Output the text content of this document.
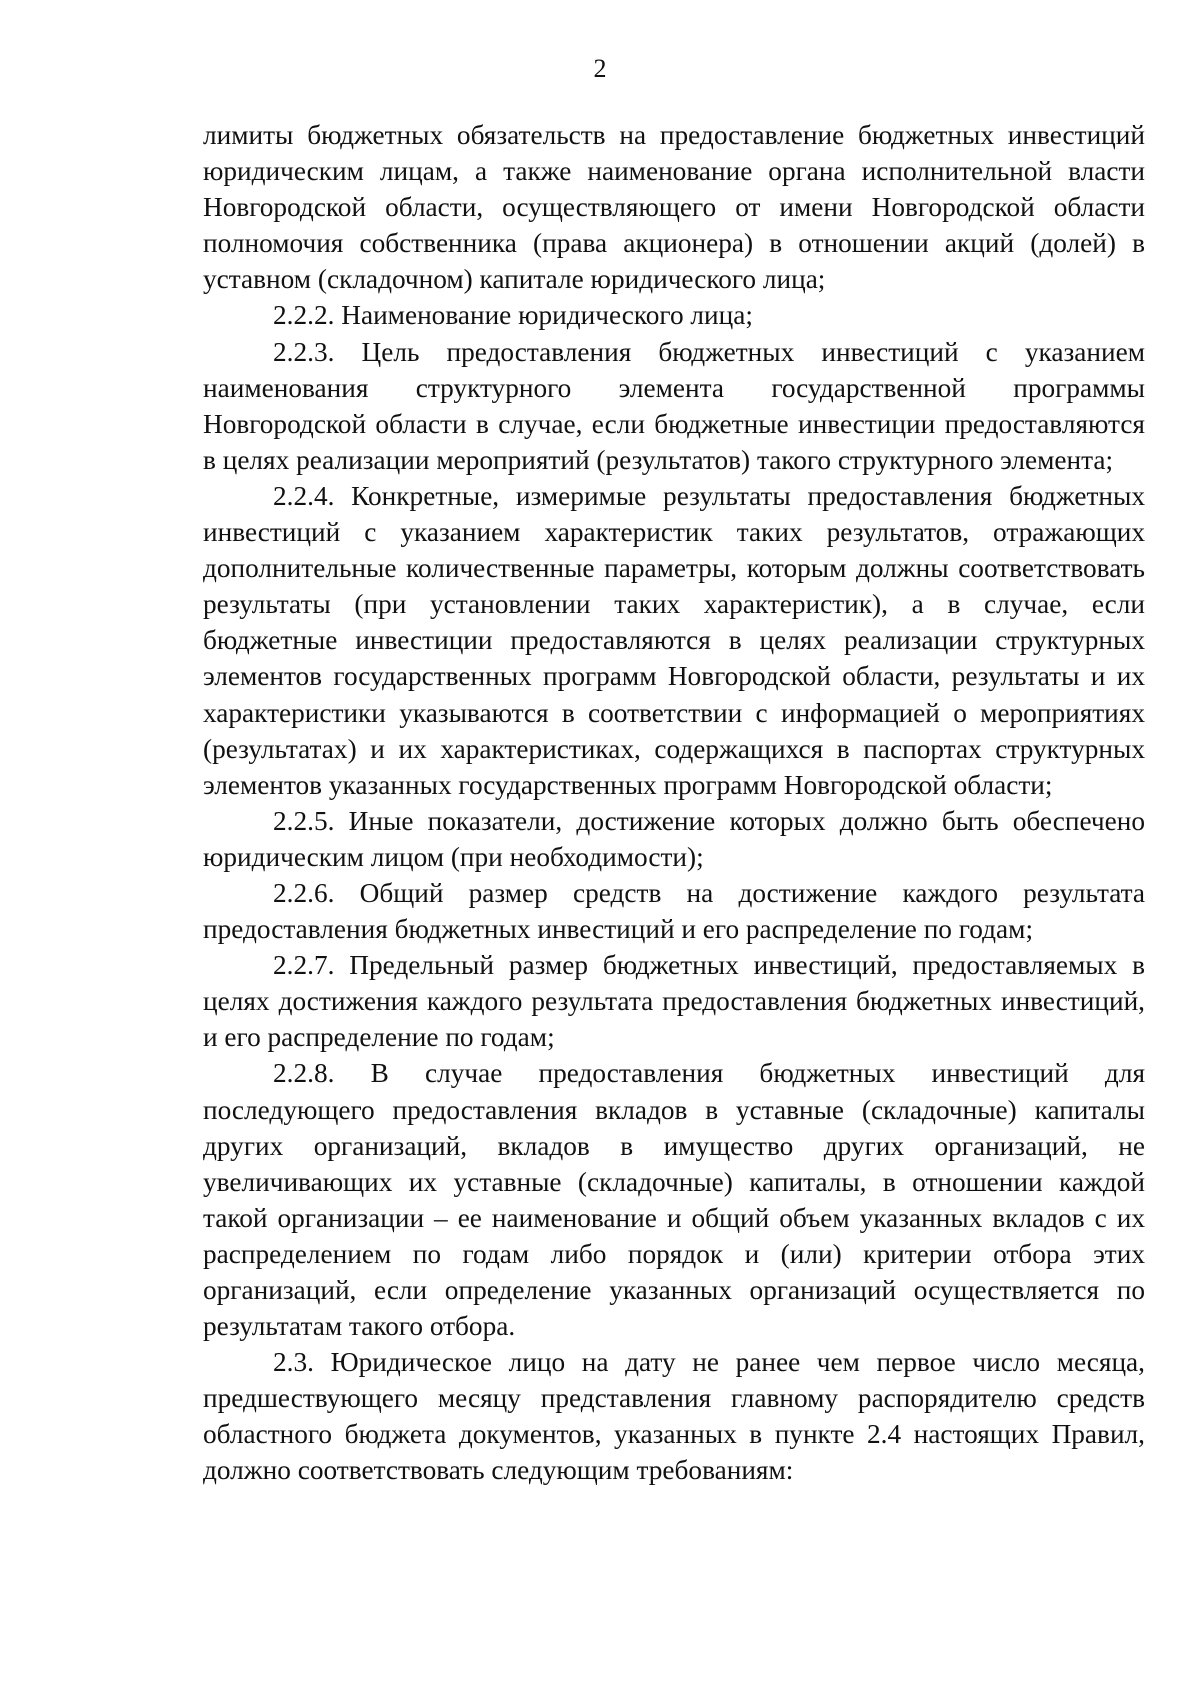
2

лимиты бюджетных обязательств на предоставление бюджетных инвестиций юридическим лицам, а также наименование органа исполнительной власти Новгородской области, осуществляющего от имени Новгородской области полномочия собственника (права акционера) в отношении акций (долей) в уставном (складочном) капитале юридического лица;

2.2.2. Наименование юридического лица;

2.2.3. Цель предоставления бюджетных инвестиций с указанием наименования структурного элемента государственной программы Новгородской области в случае, если бюджетные инвестиции предоставляются в целях реализации мероприятий (результатов) такого структурного элемента;

2.2.4. Конкретные, измеримые результаты предоставления бюджетных инвестиций с указанием характеристик таких результатов, отражающих дополнительные количественные параметры, которым должны соответствовать результаты (при установлении таких характеристик), а в случае, если бюджетные инвестиции предоставляются в целях реализации структурных элементов государственных программ Новгородской области, результаты и их характеристики указываются в соответствии с информацией о мероприятиях (результатах) и их характеристиках, содержащихся в паспортах структурных элементов указанных государственных программ Новгородской области;

2.2.5. Иные показатели, достижение которых должно быть обеспечено юридическим лицом (при необходимости);

2.2.6. Общий размер средств на достижение каждого результата предоставления бюджетных инвестиций и его распределение по годам;

2.2.7. Предельный размер бюджетных инвестиций, предоставляемых в целях достижения каждого результата предоставления бюджетных инвестиций, и его распределение по годам;

2.2.8. В случае предоставления бюджетных инвестиций для последующего предоставления вкладов в уставные (складочные) капиталы других организаций, вкладов в имущество других организаций, не увеличивающих их уставные (складочные) капиталы, в отношении каждой такой организации – ее наименование и общий объем указанных вкладов с их распределением по годам либо порядок и (или) критерии отбора этих организаций, если определение указанных организаций осуществляется по результатам такого отбора.

2.3. Юридическое лицо на дату не ранее чем первое число месяца, предшествующего месяцу представления главному распорядителю средств областного бюджета документов, указанных в пункте 2.4 настоящих Правил, должно соответствовать следующим требованиям:
